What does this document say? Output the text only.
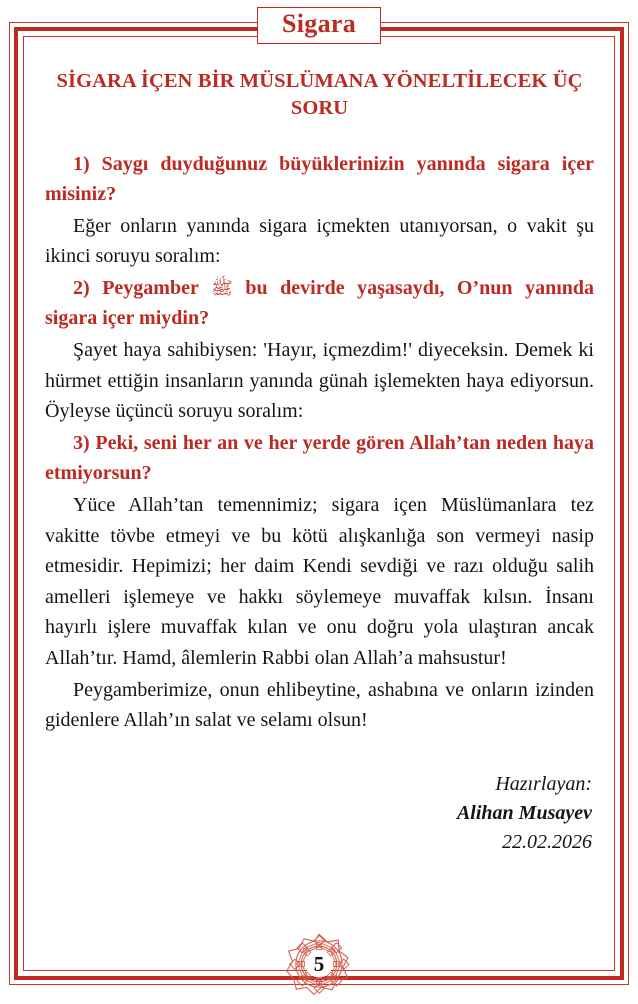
Sigara
SİGARA İÇEN BİR MÜSLÜMANA YÖNELTİLECEK ÜÇ SORU

1) Saygı duyduğunuz büyüklerinizin yanında sigara içer misiniz?

Eğer onların yanında sigara içmekten utanıyorsan, o vakit şu ikinci soruyu soralım:

2) Peygamber ﷺ bu devirde yaşasaydı, O’nun yanında sigara içer miydin?

Şayet haya sahibiysen: 'Hayır, içmezdim!' diyeceksin. Demek ki hürmet ettiğin insanların yanında günah işlemekten haya ediyorsun. Öyleyse üçüncü soruyu soralım:

3) Peki, seni her an ve her yerde gören Allah’tan neden haya etmiyorsun?

Yüce Allah’tan temennimiz; sigara içen Müslümanlara tez vakitte tövbe etmeyi ve bu kötü alışkanlığa son vermeyi nasip etmesidir. Hepimizi; her daim Kendi sevdiği ve razı olduğu salih amelleri işlemeye ve hakkı söylemeye muvaffak kılsın. İnsanı hayırlı işlere muvaffak kılan ve onu doğru yola ulaştıran ancak Allah’tır. Hamd, âlemlerin Rabbi olan Allah’a mahsustur!

Peygamberimize, onun ehlibeytine, ashabına ve onların izinden gidenlere Allah’ın salat ve selamı olsun!

Hazırlayan:
Alihan Musayev
22.02.2026
5
